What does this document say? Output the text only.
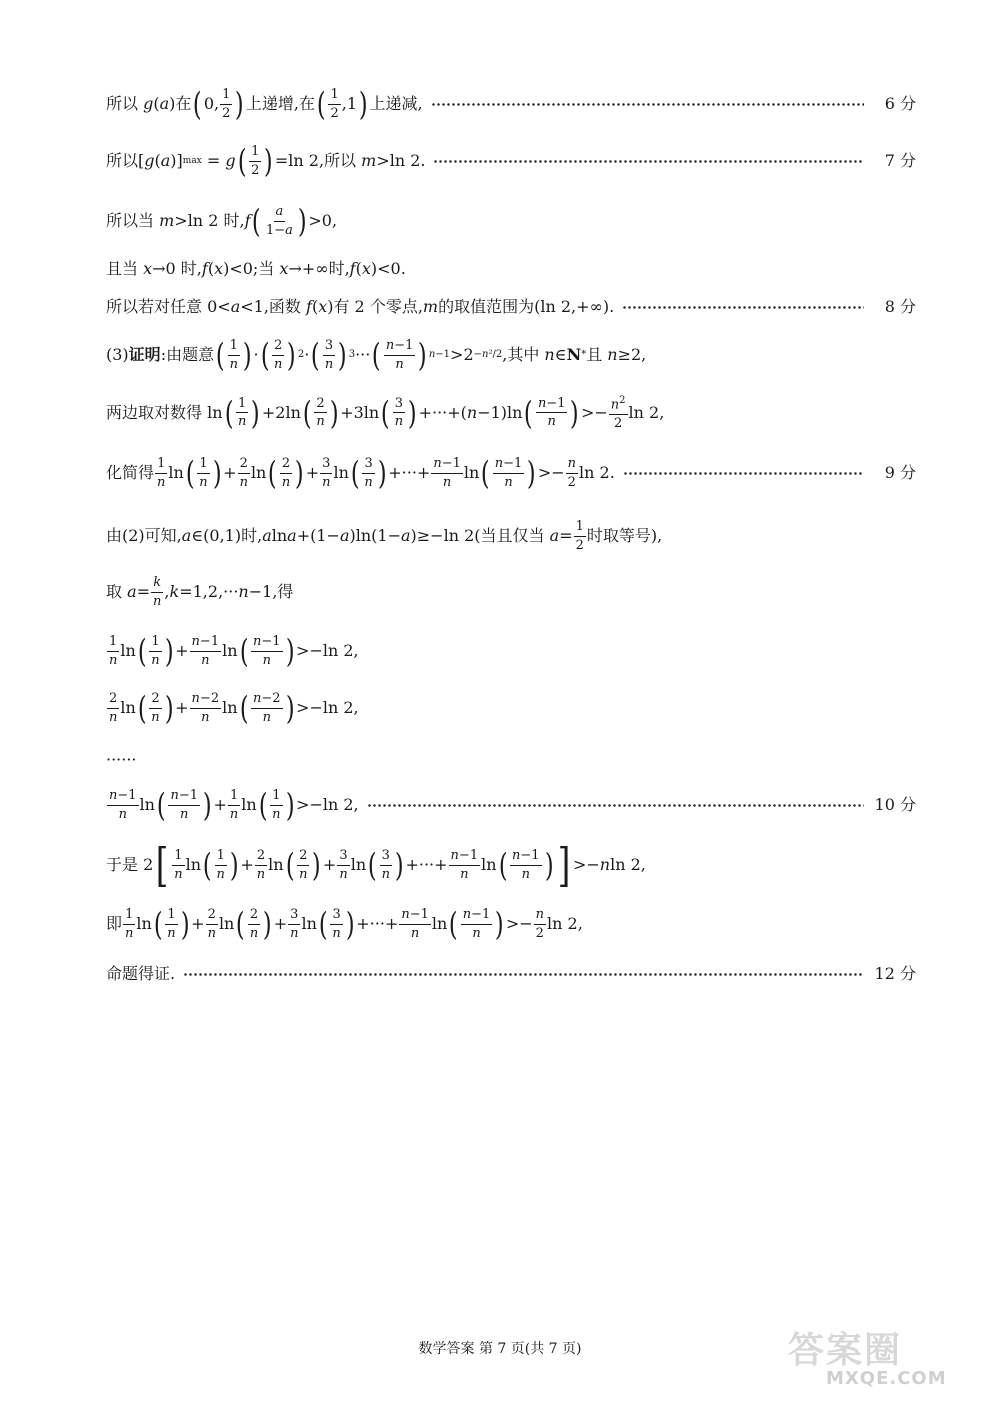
所以 g ( a )在 ( 0, $\frac{1}{2}$ ) 上递增,在 ( $\frac{1}{2} ,1$ ) 上递减,	6 分
所以[ g ( a )] max = g ( $\frac{1}{2}$ ) =ln 2,所以 m >ln 2.	7 分
所以当 m >ln 2 时, f ( $\frac{a}{1-a}$ ) >0,
且当 x →0 时, f ( x )<0;当 x →+∞时, f ( x )<0.
所以若对任意 0< a <1,函数 f ( x )有 2 个零点, m 的取值范围为(ln 2,+∞).	8 分
(3) 证明 :由题意 ( $\frac{1}{n}$ ) · ( $\frac{2}{n}$ ) 2 · ( $\frac{3}{n}$ ) 3 ··· ( $\frac{n-1}{n}$ ) n−1 >2 −n²/2 ,其中 n ∈ N * 且 n ≥2,
两边取对数得 ln ( $\frac{1}{n}$ ) +2ln ( $\frac{2}{n}$ ) +3ln ( $\frac{3}{n}$ ) +···+( n −1)ln ( $\frac{n-1}{n}$ ) >− $\frac{n^2}{2}$ ln 2,
化简得 $\frac{1}{n}$ ln ( $\frac{1}{n}$ ) + $\frac{2}{n}$ ln ( $\frac{2}{n}$ ) + $\frac{3}{n}$ ln ( $\frac{3}{n}$ ) +···+ $\frac{n-1}{n}$ ln ( $\frac{n-1}{n}$ ) >− $\frac{n}{2}$ ln 2.	9 分
由(2)可知, a ∈(0,1)时, a ln a +(1− a )ln(1− a )≥−ln 2(当且仅当 $a = \frac{1}{2}$ 时取等号),
取 $a = \frac{k}{n}$ , k =1,2,··· n −1,得
$\frac{1}{n}$ ln ( $\frac{1}{n}$ ) + $\frac{n-1}{n}$ ln ( $\frac{n-1}{n}$ ) >−ln 2,
$\frac{2}{n}$ ln ( $\frac{2}{n}$ ) + $\frac{n-2}{n}$ ln ( $\frac{n-2}{n}$ ) >−ln 2,
······
$\frac{n-1}{n}$ ln ( $\frac{n-1}{n}$ ) + $\frac{1}{n}$ ln ( $\frac{1}{n}$ ) >−ln 2,	10 分
于是 2 [ $\frac{1}{n}$ ln ( $\frac{1}{n}$ ) + $\frac{2}{n}$ ln ( $\frac{2}{n}$ ) + $\frac{3}{n}$ ln ( $\frac{3}{n}$ ) +···+ $\frac{n-1}{n}$ ln ( $\frac{n-1}{n}$ ) ] >− n ln 2,
即 $\frac{1}{n}$ ln ( $\frac{1}{n}$ ) + $\frac{2}{n}$ ln ( $\frac{2}{n}$ ) + $\frac{3}{n}$ ln ( $\frac{3}{n}$ ) +···+ $\frac{n-1}{n}$ ln ( $\frac{n-1}{n}$ ) >− $\frac{n}{2}$ ln 2,
命题得证.	12 分
数学答案 第 7 页(共 7 页)	答案圈
MXQE.COM
